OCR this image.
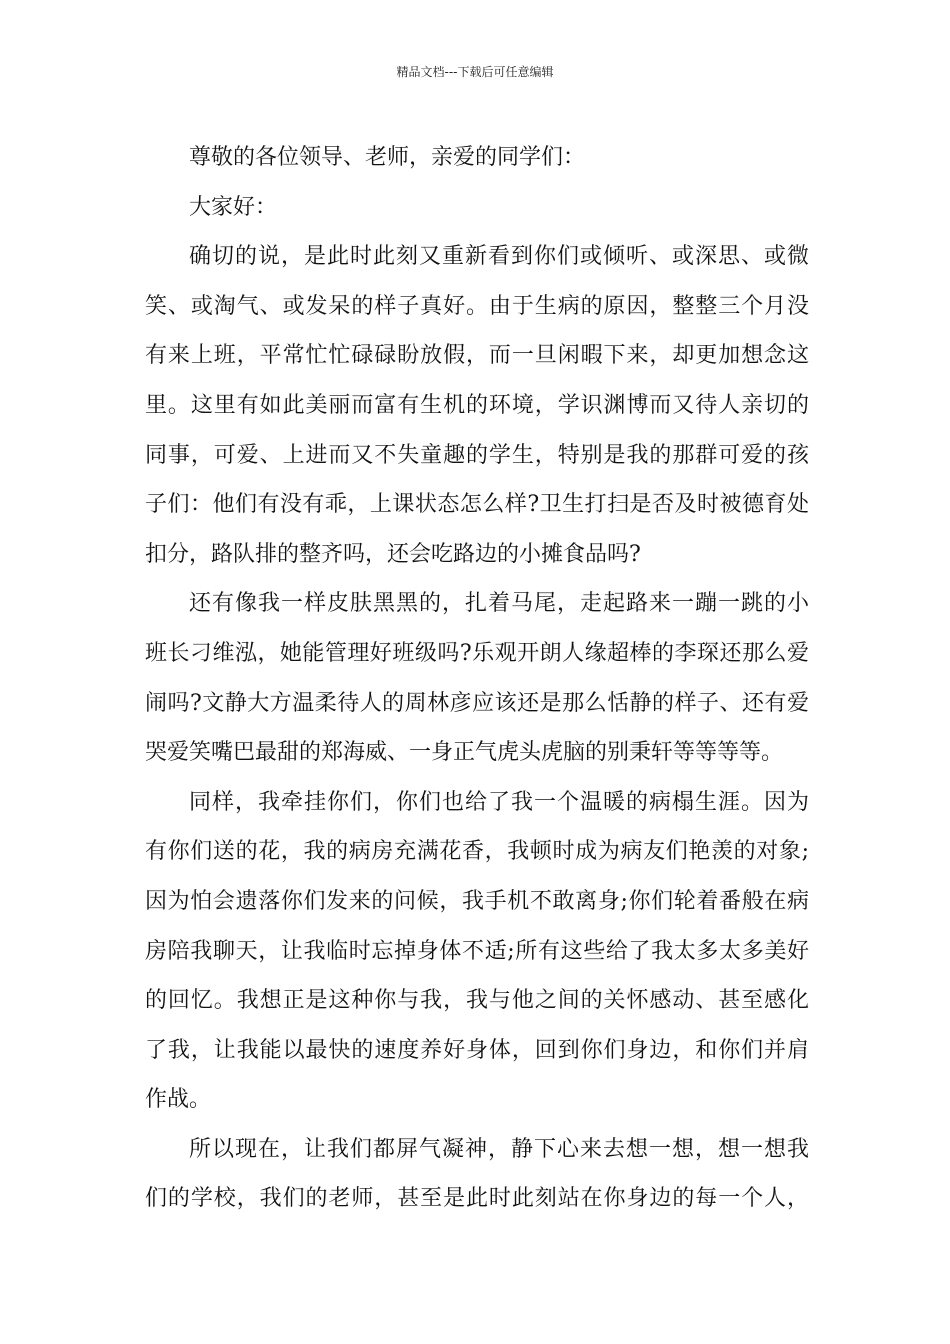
精品文档---下载后可任意编辑

尊敬的各位领导、老师，亲爱的同学们：

大家好：

确切的说，是此时此刻又重新看到你们或倾听、或深思、或微
笑、或淘气、或发呆的样子真好。由于生病的原因，整整三个月没
有来上班，平常忙忙碌碌盼放假，而一旦闲暇下来，却更加想念这
里。这里有如此美丽而富有生机的环境，学识渊博而又待人亲切的
同事，可爱、上进而又不失童趣的学生，特别是我的那群可爱的孩
子们：他们有没有乖，上课状态怎么样?卫生打扫是否及时被德育处
扣分，路队排的整齐吗，还会吃路边的小摊食品吗?

还有像我一样皮肤黑黑的，扎着马尾，走起路来一蹦一跳的小
班长刁维泓，她能管理好班级吗?乐观开朗人缘超棒的李琛还那么爱
闹吗?文静大方温柔待人的周林彦应该还是那么恬静的样子、还有爱
哭爱笑嘴巴最甜的郑海威、一身正气虎头虎脑的别秉轩等等等等。

同样，我牵挂你们，你们也给了我一个温暖的病榻生涯。因为
有你们送的花，我的病房充满花香，我顿时成为病友们艳羡的对象;
因为怕会遗落你们发来的问候，我手机不敢离身;你们轮着番般在病
房陪我聊天，让我临时忘掉身体不适;所有这些给了我太多太多美好
的回忆。我想正是这种你与我，我与他之间的关怀感动、甚至感化
了我，让我能以最快的速度养好身体，回到你们身边，和你们并肩
作战。

所以现在，让我们都屏气凝神，静下心来去想一想，想一想我
们的学校，我们的老师，甚至是此时此刻站在你身边的每一个人，
